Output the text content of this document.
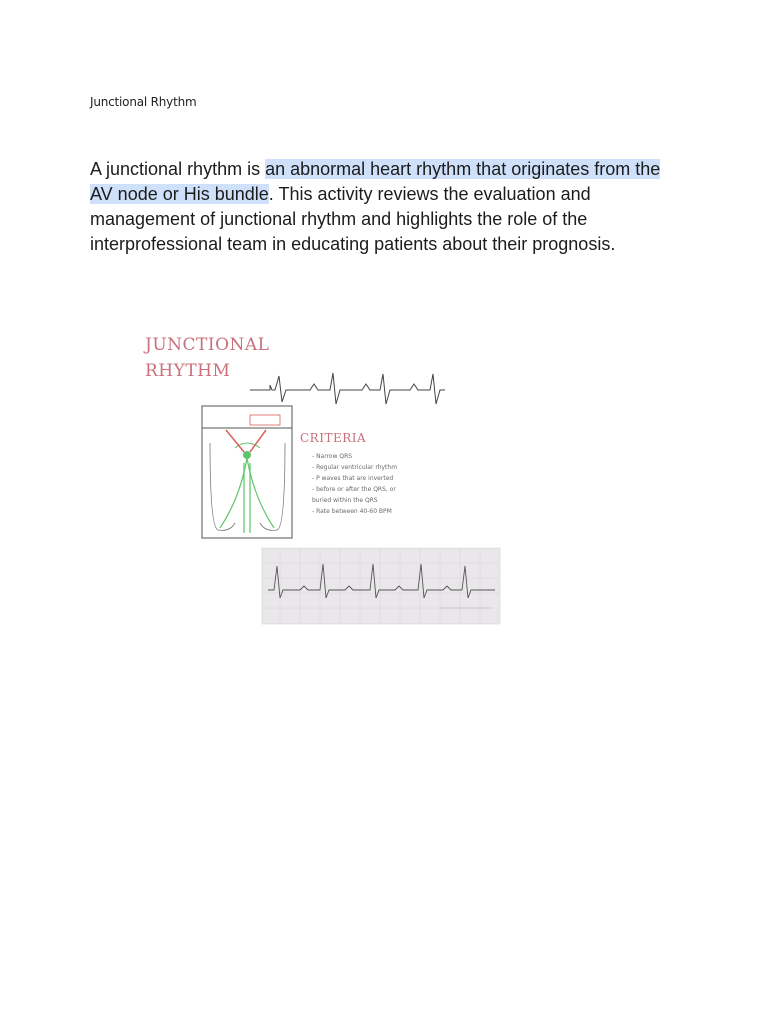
Junctional Rhythm

A junctional rhythm is an abnormal heart rhythm that originates from the AV node or His bundle. This activity reviews the evaluation and management of junctional rhythm and highlights the role of the interprofessional team in educating patients about their prognosis.

JUNCTIONAL
RHYTHM
CRITERIA
- Narrow QRS
- Regular ventricular rhythm
- P waves that are inverted
- before or after the QRS, or
buried within the QRS
- Rate between 40-60 BPM
